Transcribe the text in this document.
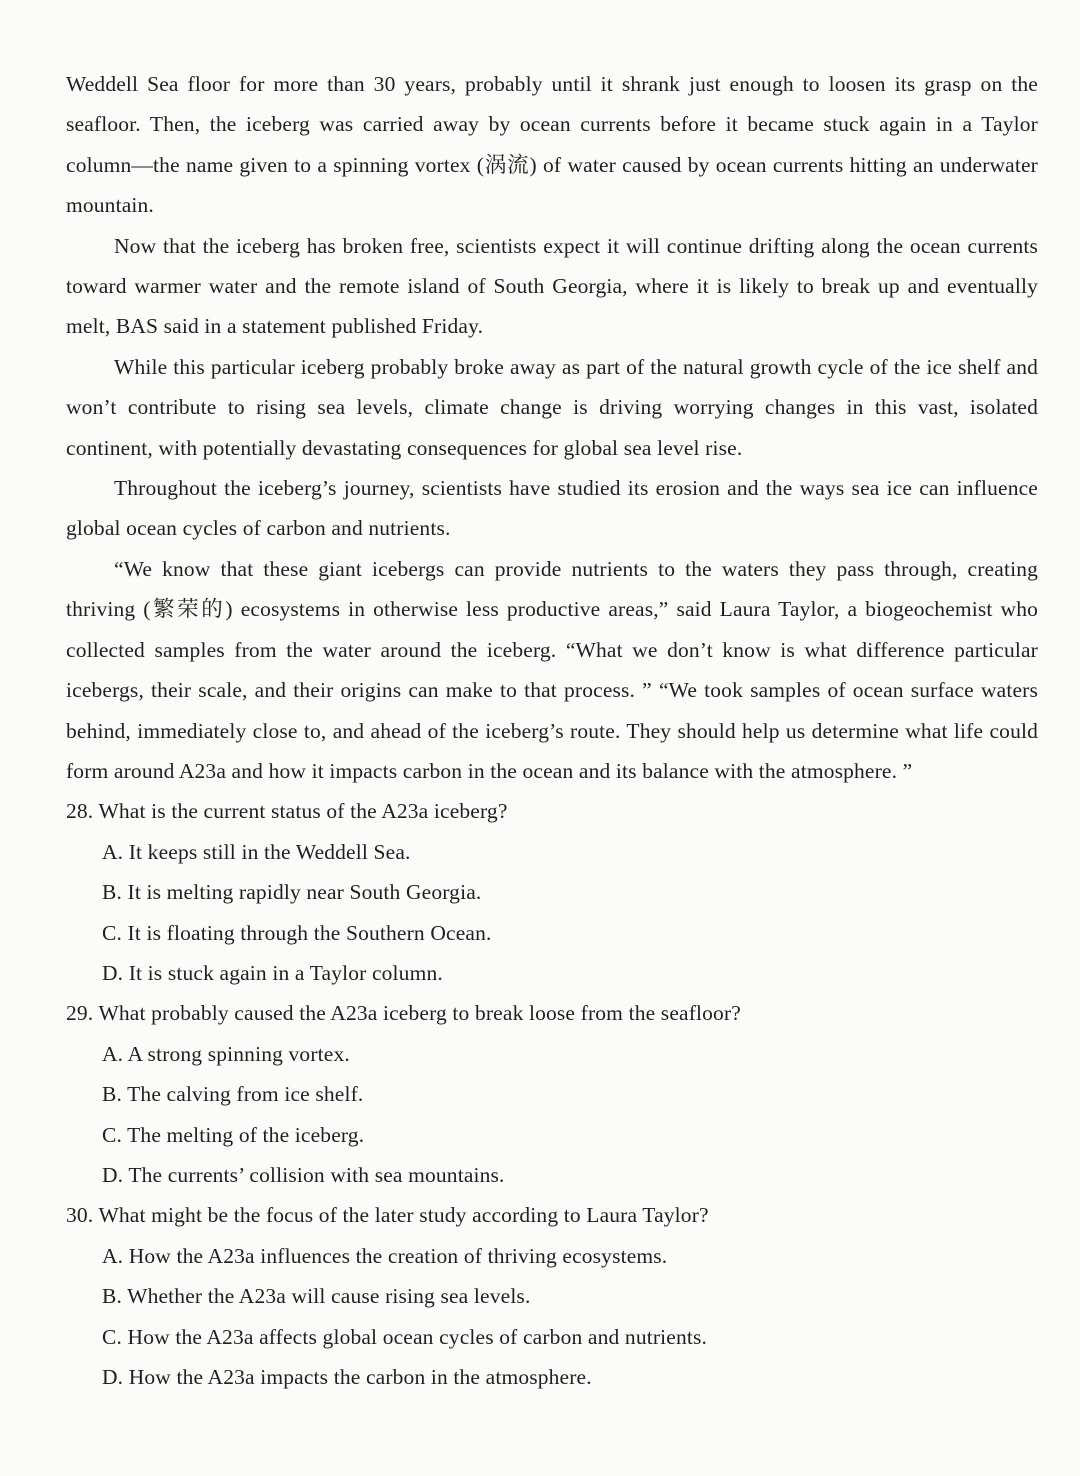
Weddell Sea floor for more than 30 years, probably until it shrank just enough to loosen its grasp on the seafloor. Then, the iceberg was carried away by ocean currents before it became stuck again in a Taylor column—the name given to a spinning vortex (涡流) of water caused by ocean currents hitting an underwater mountain.

Now that the iceberg has broken free, scientists expect it will continue drifting along the ocean currents toward warmer water and the remote island of South Georgia, where it is likely to break up and eventually melt, BAS said in a statement published Friday.

While this particular iceberg probably broke away as part of the natural growth cycle of the ice shelf and won’t contribute to rising sea levels, climate change is driving worrying changes in this vast, isolated continent, with potentially devastating consequences for global sea level rise.

Throughout the iceberg’s journey, scientists have studied its erosion and the ways sea ice can influence global ocean cycles of carbon and nutrients.

“We know that these giant icebergs can provide nutrients to the waters they pass through, creating thriving (繁荣的) ecosystems in otherwise less productive areas,” said Laura Taylor, a biogeochemist who collected samples from the water around the iceberg. “What we don’t know is what difference particular icebergs, their scale, and their origins can make to that process. ” “We took samples of ocean surface waters behind, immediately close to, and ahead of the iceberg’s route. They should help us determine what life could form around A23a and how it impacts carbon in the ocean and its balance with the atmosphere. ”

28. What is the current status of the A23a iceberg?

A. It keeps still in the Weddell Sea.
B. It is melting rapidly near South Georgia.
C. It is floating through the Southern Ocean.
D. It is stuck again in a Taylor column.

29. What probably caused the A23a iceberg to break loose from the seafloor?

A. A strong spinning vortex.
B. The calving from ice shelf.
C. The melting of the iceberg.
D. The currents’ collision with sea mountains.

30. What might be the focus of the later study according to Laura Taylor?

A. How the A23a influences the creation of thriving ecosystems.
B. Whether the A23a will cause rising sea levels.
C. How the A23a affects global ocean cycles of carbon and nutrients.
D. How the A23a impacts the carbon in the atmosphere.
